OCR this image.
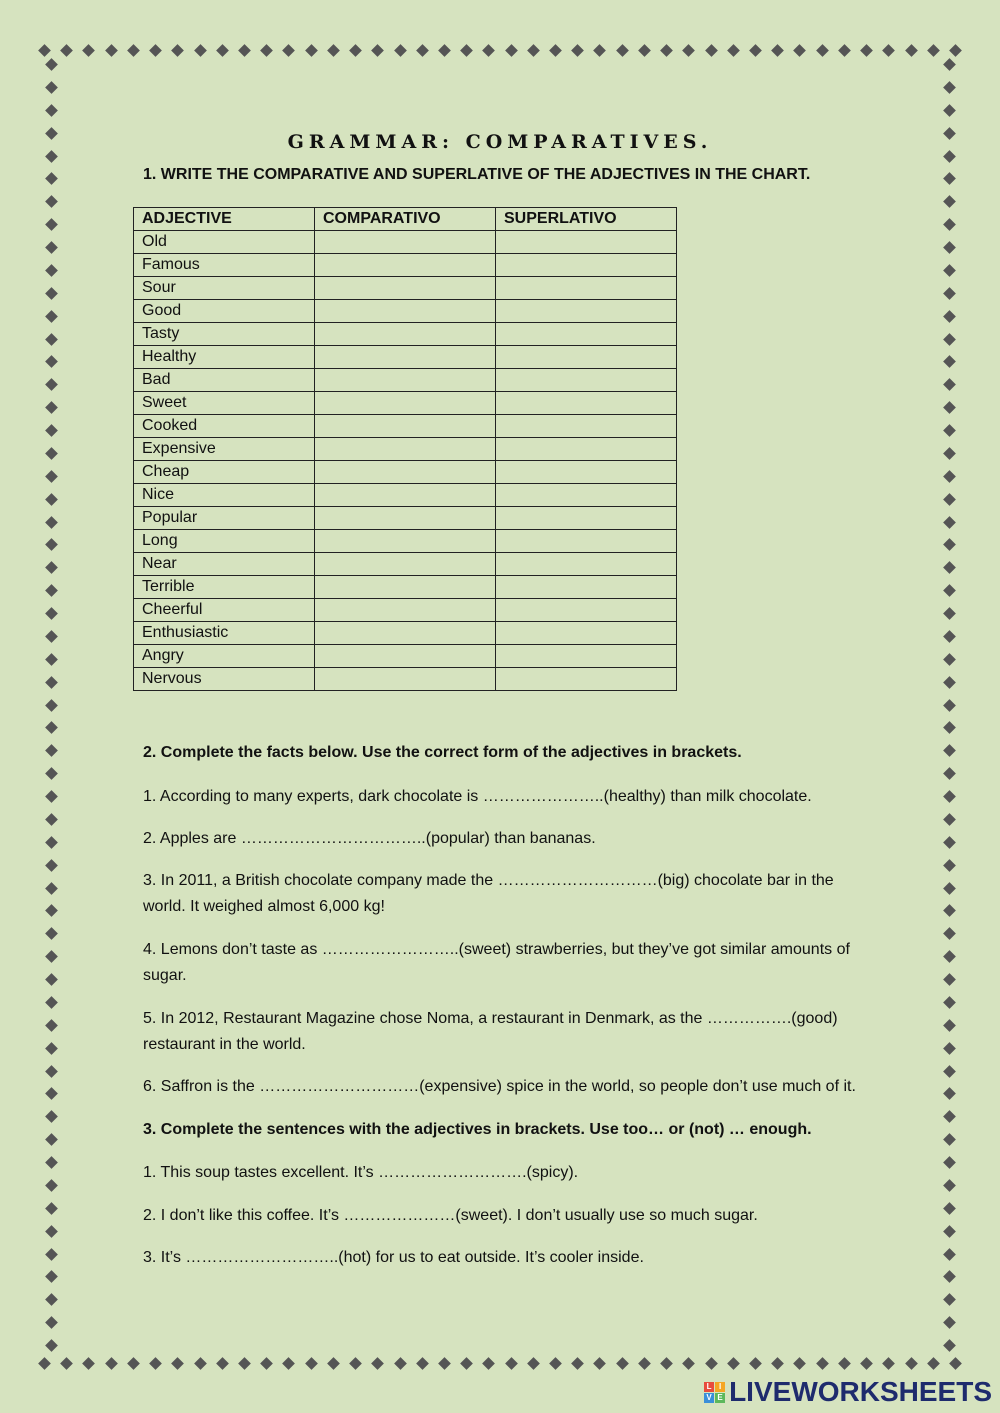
GRAMMAR: COMPARATIVES.

1. WRITE THE COMPARATIVE AND SUPERLATIVE OF THE ADJECTIVES IN THE CHART.

ADJECTIVE	COMPARATIVO	SUPERLATIVO
Old		
Famous		
Sour		
Good		
Tasty		
Healthy		
Bad		
Sweet		
Cooked		
Expensive		
Cheap		
Nice		
Popular		
Long		
Near		
Terrible		
Cheerful		
Enthusiastic		
Angry		
Nervous		

2. Complete the facts below. Use the correct form of the adjectives in brackets.

1. According to many experts, dark chocolate is …………………..(healthy) than milk chocolate.

2. Apples are ……………………………..(popular) than bananas.

3. In 2011, a British chocolate company made the …………………………(big) chocolate bar in the world. It weighed almost 6,000 kg!

4. Lemons don’t taste as ……………………..(sweet) strawberries, but they’ve got similar amounts of sugar.

5. In 2012, Restaurant Magazine chose Noma, a restaurant in Denmark, as the …………….(good) restaurant in the world.

6. Saffron is the …………………………(expensive) spice in the world, so people don’t use much of it.

3. Complete the sentences with the adjectives in brackets. Use too… or (not) … enough.

1. This soup tastes excellent. It’s ……………………….(spicy).

2. I don’t like this coffee. It’s …………………(sweet). I don’t usually use so much sugar.

3. It’s ………………………..(hot) for us to eat outside. It’s cooler inside.

L I
V E LIVEWORKSHEETS
